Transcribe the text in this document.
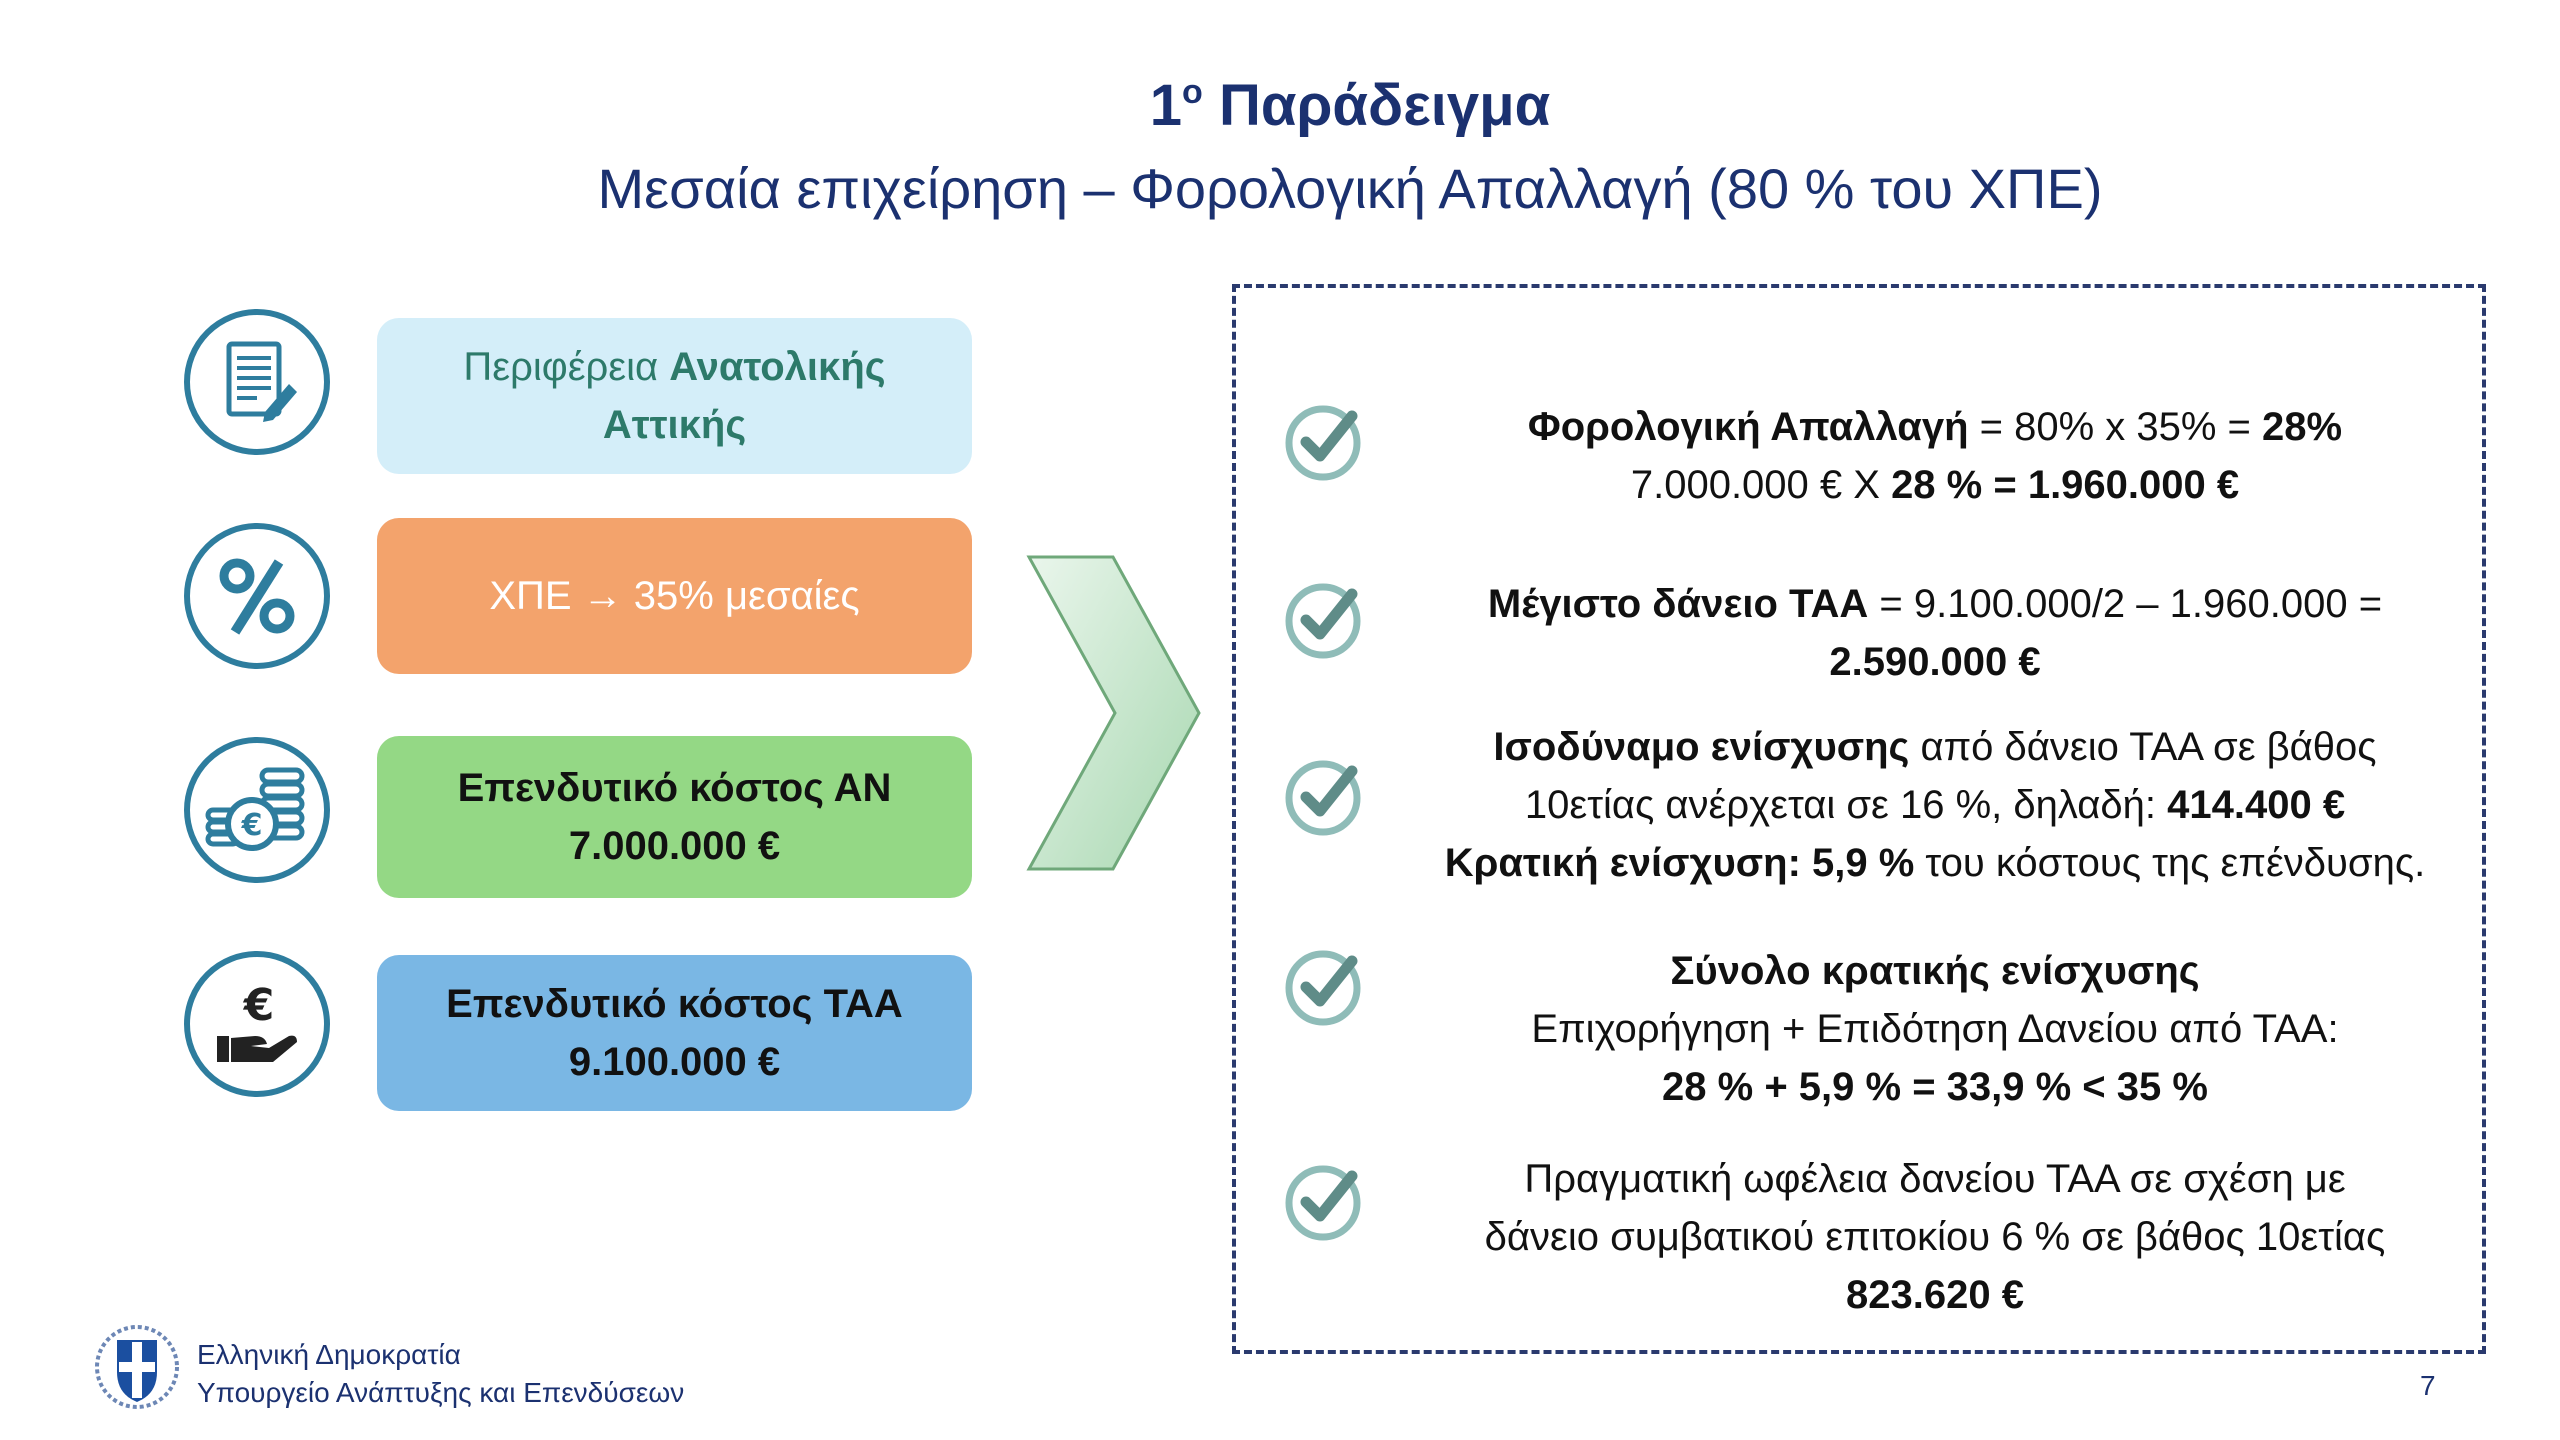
$1^o$ Παράδειγμα
Μεσαία επιχείρηση – Φορολογική Απαλλαγή (80 % του ΧΠΕ)
€
€
Περιφέρεια Ανατολικής
Αττικής
ΧΠΕ → 35% μεσαίες
Επενδυτικό κόστος ΑΝ
7.000.000 €
Επενδυτικό κόστος ΤΑΑ
9.100.000 €
Φορολογική Απαλλαγή = 80% x 35% = 28%
7.000.000 € Χ 28 % = 1.960.000 €
Μέγιστο δάνειο ΤΑΑ = 9.100.000/2 – 1.960.000 =
2.590.000 €
Ισοδύναμο ενίσχυσης από δάνειο ΤΑΑ σε βάθος
10ετίας ανέρχεται σε 16 %, δηλαδή: 414.400 €
Κρατική ενίσχυση: 5,9 % του κόστους της επένδυσης.
Σύνολο κρατικής ενίσχυσης
Επιχορήγηση + Επιδότηση Δανείου από ΤΑΑ:
28 % + 5,9 % = 33,9 % < 35 %
Πραγματική ωφέλεια δανείου ΤΑΑ σε σχέση με
δάνειο συμβατικού επιτοκίου 6 % σε βάθος 10ετίας
823.620 €
Ελληνική Δημοκρατία
Υπουργείο Ανάπτυξης και Επενδύσεων	7
